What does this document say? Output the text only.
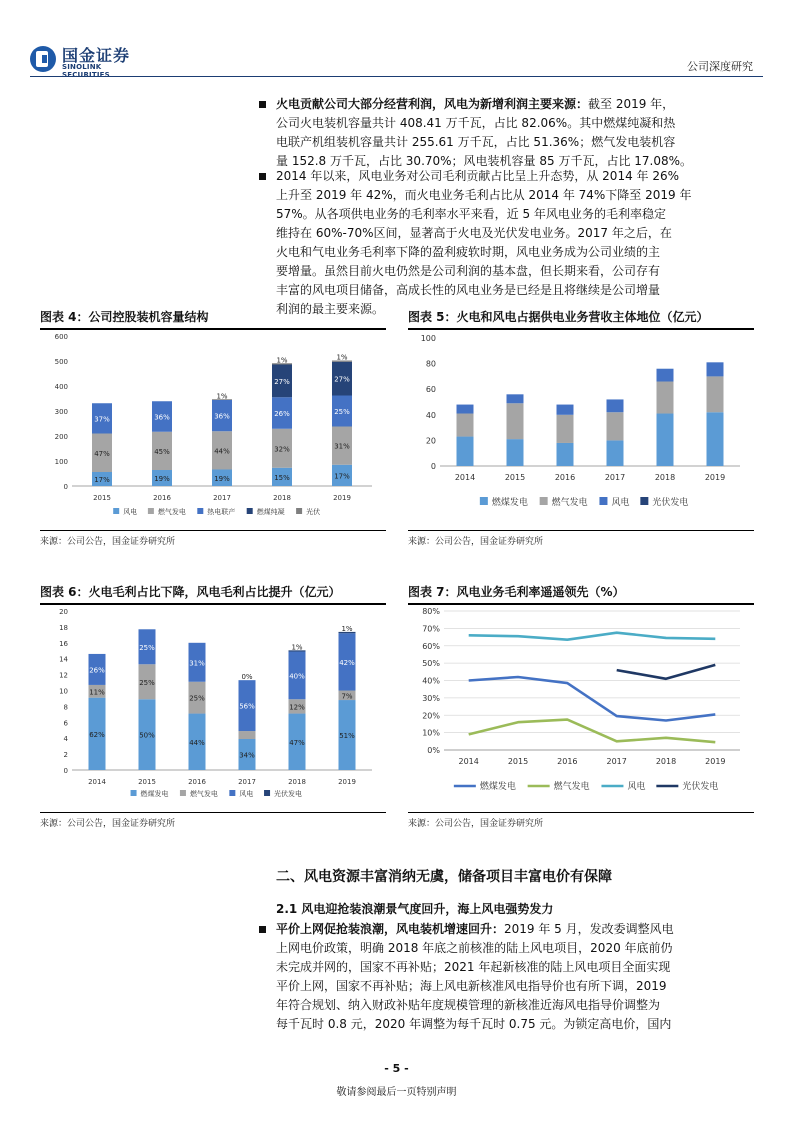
国金证券
SINOLINK SECURITIES
公司深度研究
火电贡献公司大部分经营利润，风电为新增利润主要来源：截至 2019 年，
公司火电装机容量共计 408.41 万千瓦，占比 82.06%。其中燃煤纯凝和热
电联产机组装机容量共计 255.61 万千瓦，占比 51.36%；燃气发电装机容
量 152.8 万千瓦，占比 30.70%；风电装机容量 85 万千瓦，占比 17.08%。
2014 年以来，风电业务对公司毛利贡献占比呈上升态势，从 2014 年 26%
上升至 2019 年 42%，而火电业务毛利占比从 2014 年 74%下降至 2019 年
57%。从各项供电业务的毛利率水平来看，近 5 年风电业务的毛利率稳定
维持在 60%-70%区间，显著高于火电及光伏发电业务。2017 年之后，在
火电和气电业务毛利率下降的盈利疲软时期，风电业务成为公司业绩的主
要增量。虽然目前火电仍然是公司利润的基本盘，但长期来看，公司存有
丰富的风电项目储备，高成长性的风电业务是已经是且将继续是公司增量
利润的最主要来源。
图表 4：公司控股装机容量结构
0
100
200
300
400
500
600
2015	2016	2017	2018	2019
17%
47%
37%
19%
45%
36%
19%
44%
36%
1%
15%
32%
26%
27%
1%
17%
31%
25%
27%
1%
风电	燃气发电	热电联产	燃煤纯凝	光伏
来源：公司公告，国金证券研究所
图表 5：火电和风电占据供电业务营收主体地位（亿元）
0
20
40
60
80
100
2014	2015	2016	2017	2018	2019
燃煤发电	燃气发电	风电	光伏发电
来源：公司公告，国金证券研究所
图表 6：火电毛利占比下降，风电毛利占比提升（亿元）
0
2
4
6
8
10
12
14
16
18
20
2014	2015	2016	2017	2018	2019
62%
11%
26%
50%
25%
25%
44%
25%
31%
34%
56%
0%
47%
12%
40%
1%
51%
7%
42%
1%
燃煤发电	燃气发电	风电	光伏发电
来源：公司公告，国金证券研究所
图表 7：风电业务毛利率遥遥领先（%）
0%
10%
20%
30%
40%
50%
60%
70%
80%
2014	2015	2016	2017	2018	2019
燃煤发电	燃气发电	风电	光伏发电
来源：公司公告，国金证券研究所
二、风电资源丰富消纳无虞，储备项目丰富电价有保障
2.1 风电迎抢装浪潮景气度回升，海上风电强势发力
平价上网促抢装浪潮，风电装机增速回升：2019 年 5 月，发改委调整风电
上网电价政策，明确 2018 年底之前核准的陆上风电项目，2020 年底前仍
未完成并网的，国家不再补贴；2021 年起新核准的陆上风电项目全面实现
平价上网，国家不再补贴；海上风电新核准风电指导价也有所下调，2019
年符合规划、纳入财政补贴年度规模管理的新核准近海风电指导价调整为
每千瓦时 0.8 元，2020 年调整为每千瓦时 0.75 元。为锁定高电价，国内
- 5 -
敬请参阅最后一页特别声明
